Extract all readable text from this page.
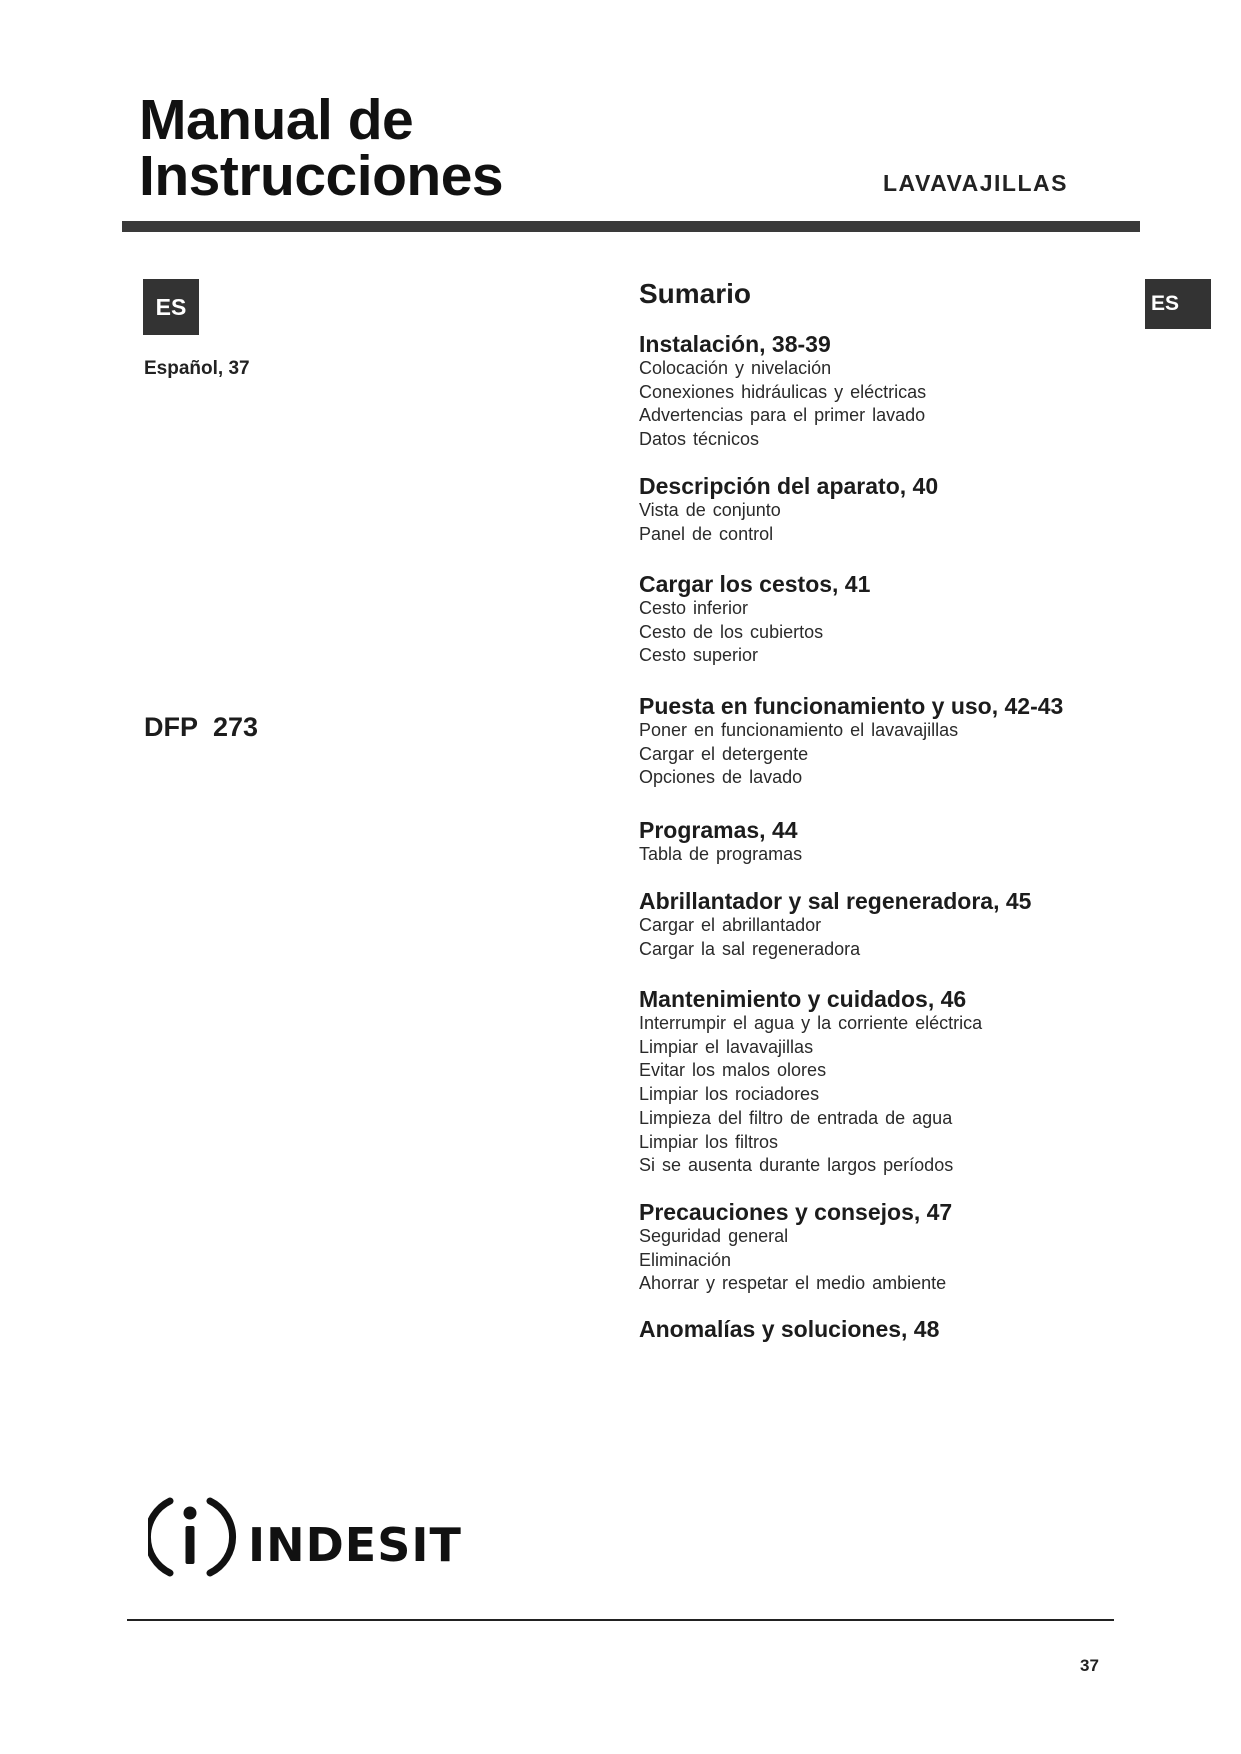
Manual de
Instrucciones	LAVAVAJILLAS
ES	ES
Español, 37
DFP 273
Sumario
Instalación, 38-39
Colocación y nivelación
Conexiones hidráulicas y eléctricas
Advertencias para el primer lavado
Datos técnicos
Descripción del aparato, 40
Vista de conjunto
Panel de control
Cargar los cestos, 41
Cesto inferior
Cesto de los cubiertos
Cesto superior
Puesta en funcionamiento y uso, 42-43
Poner en funcionamiento el lavavajillas
Cargar el detergente
Opciones de lavado
Programas, 44
Tabla de programas
Abrillantador y sal regeneradora, 45
Cargar el abrillantador
Cargar la sal regeneradora
Mantenimiento y cuidados, 46
Interrumpir el agua y la corriente eléctrica
Limpiar el lavavajillas
Evitar los malos olores
Limpiar los rociadores
Limpieza del filtro de entrada de agua
Limpiar los filtros
Si se ausenta durante largos períodos
Precauciones y consejos, 47
Seguridad general
Eliminación
Ahorrar y respetar el medio ambiente
Anomalías y soluciones, 48
INDESIT
37
